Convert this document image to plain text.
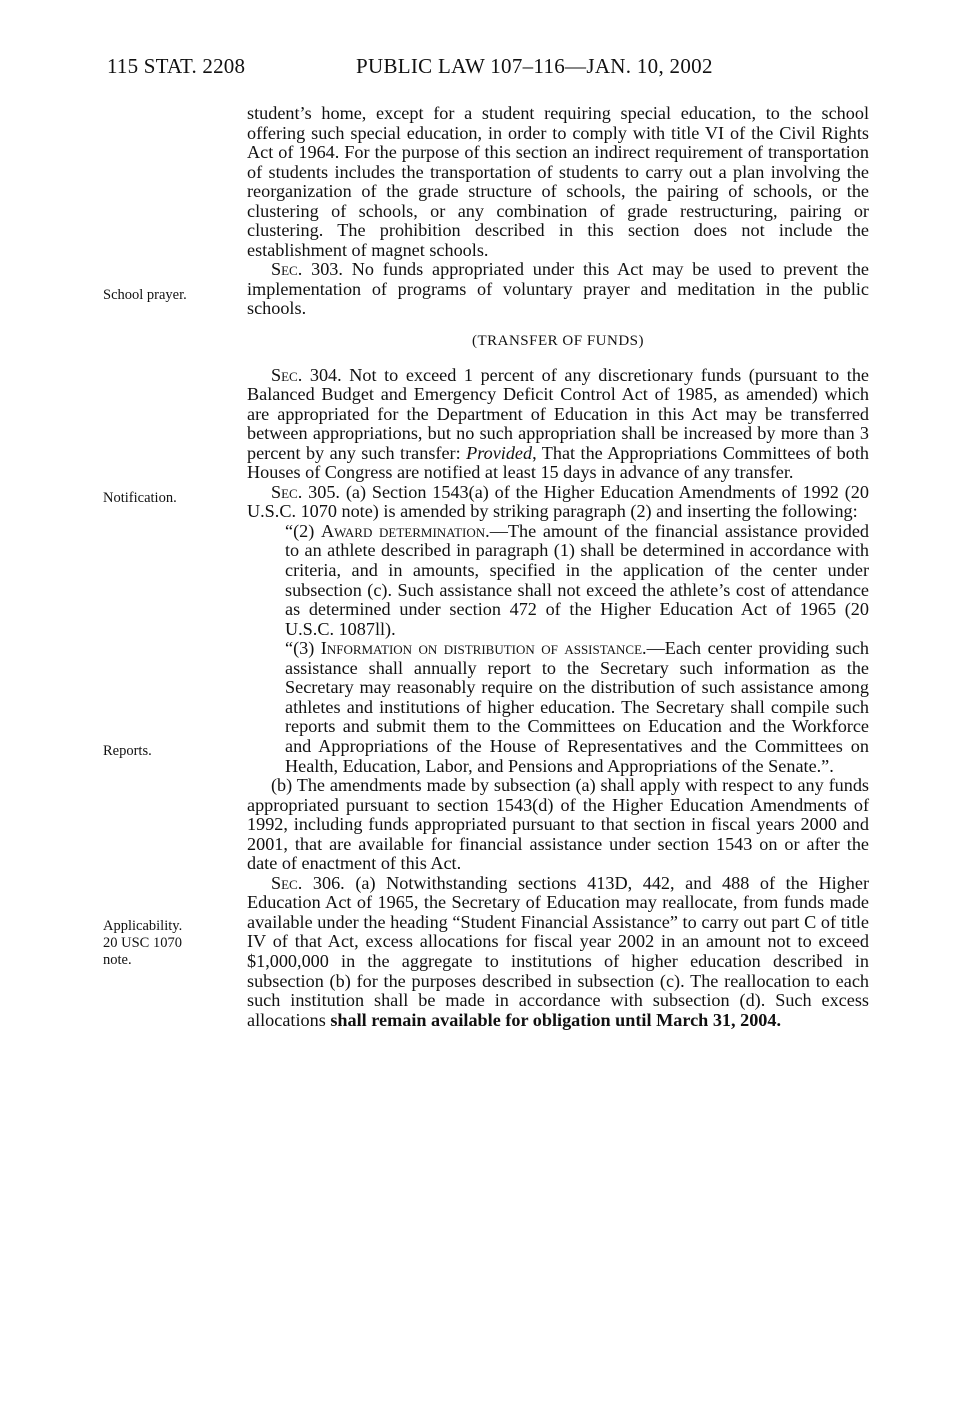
115 STAT. 2208	PUBLIC LAW 107–116—JAN. 10, 2002
School prayer.
Notification.
Reports.
Applicability.
20 USC 1070
note.

student’s home, except for a student requiring special education, to the school offering such special education, in order to comply with title VI of the Civil Rights Act of 1964. For the purpose of this section an indirect requirement of transportation of students includes the transportation of students to carry out a plan involving the reorganization of the grade structure of schools, the pairing of schools, or the clustering of schools, or any combination of grade restructuring, pairing or clustering. The prohibition described in this section does not include the establishment of magnet schools.

Sec. 303. No funds appropriated under this Act may be used to prevent the implementation of programs of voluntary prayer and meditation in the public schools.

(TRANSFER OF FUNDS)

Sec. 304. Not to exceed 1 percent of any discretionary funds (pursuant to the Balanced Budget and Emergency Deficit Control Act of 1985, as amended) which are appropriated for the Department of Education in this Act may be transferred between appropriations, but no such appropriation shall be increased by more than 3 percent by any such transfer: Provided, That the Appropriations Committees of both Houses of Congress are notified at least 15 days in advance of any transfer.

Sec. 305. (a) Section 1543(a) of the Higher Education Amendments of 1992 (20 U.S.C. 1070 note) is amended by striking paragraph (2) and inserting the following:

“(2) Award determination.—The amount of the financial assistance provided to an athlete described in paragraph (1) shall be determined in accordance with criteria, and in amounts, specified in the application of the center under subsection (c). Such assistance shall not exceed the athlete’s cost of attendance as determined under section 472 of the Higher Education Act of 1965 (20 U.S.C. 1087ll).

“(3) Information on distribution of assistance.—Each center providing such assistance shall annually report to the Secretary such information as the Secretary may reasonably require on the distribution of such assistance among athletes and institutions of higher education. The Secretary shall compile such reports and submit them to the Committees on Education and the Workforce and Appropriations of the House of Representatives and the Committees on Health, Education, Labor, and Pensions and Appropriations of the Senate.”.

(b) The amendments made by subsection (a) shall apply with respect to any funds appropriated pursuant to section 1543(d) of the Higher Education Amendments of 1992, including funds appropriated pursuant to that section in fiscal years 2000 and 2001, that are available for financial assistance under section 1543 on or after the date of enactment of this Act.

Sec. 306. (a) Notwithstanding sections 413D, 442, and 488 of the Higher Education Act of 1965, the Secretary of Education may reallocate, from funds made available under the heading “Student Financial Assistance” to carry out part C of title IV of that Act, excess allocations for fiscal year 2002 in an amount not to exceed $1,000,000 in the aggregate to institutions of higher education described in subsection (b) for the purposes described in subsection (c). The reallocation to each such institution shall be made in accordance with subsection (d). Such excess allocations shall remain available for obligation until March 31, 2004.
